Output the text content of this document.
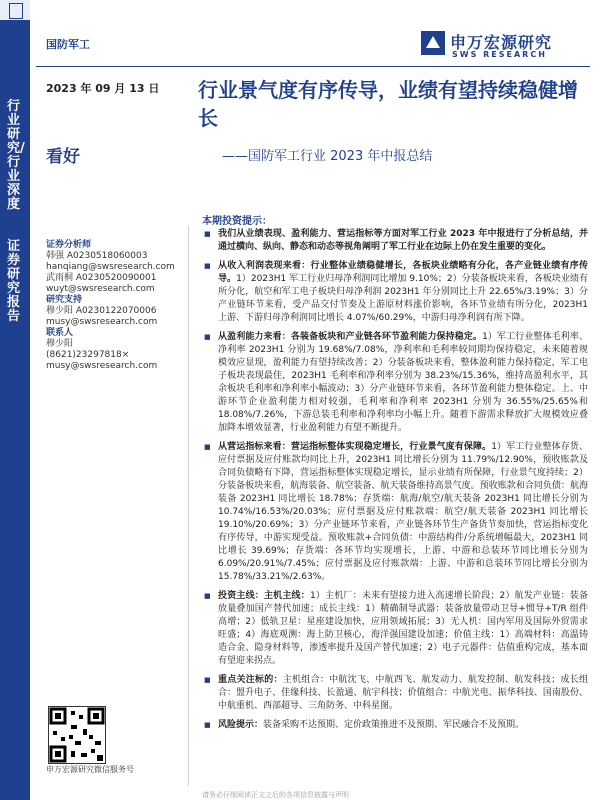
行业研究/行业深度
证券研究报告
国防军工	申万宏源研究
SWS RESEARCH
2023 年 09 月 13 日
看好
行业景气度有序传导，业绩有望持续稳健增长
——国防军工行业 2023 年中报总结
证券分析师
韩强 A0230518060003
hanqiang@swsresearch.com
武雨桐 A0230520090001
wuyt@swsresearch.com
研究支持
穆少阳 A0230122070006
musy@swsresearch.com
联系人
穆少阳
(8621)23297818×
musy@swsresearch.com
申万宏源研究微信服务号
本期投资提示：
■ 我们从业绩表现、盈利能力、营运指标等方面对军工行业 2023 年中报进行了分析总结，并通过横向、纵向、静态和动态等视角阐明了军工行业在边际上仍在发生重要的变化。
■ 从收入利润表现来看：行业整体业绩稳健增长，各板块业绩略有分化，各产业链业绩有序传导。1）2023H1 军工行业归母净利润同比增加 9.10%；2）分装备板块来看，各板块业绩有所分化，航空和军工电子板块归母净利润 2023H1 年分别同比上升 22.65%/3.19%；3）分产业链环节来看，受产品交付节奏及上游原材料涨价影响，各环节业绩有所分化，2023H1 上游、下游归母净利润同比增长 4.07%/60.29%，中游归母净利润有所下降。
■ 从盈利能力来看：各装备板块和产业链各环节盈利能力保持稳定。1）军工行业整体毛利率、净利率 2023H1 分别为 19.68%/7.08%，净利率和毛利率较同期均保持稳定，未来随着规模效应显现，盈利能力有望持续改善；2）分装备板块来看，整体盈利能力保持稳定，军工电子板块表现最佳，2023H1 毛利率和净利率分别为 38.23%/15.36%，维持高盈利水平，其余板块毛利率和净利率小幅波动；3）分产业链环节来看，各环节盈利能力整体稳定。上、中游环节企业盈利能力相对较强，毛利率和净利率 2023H1 分别为 36.55%/25.65%和 18.08%/7.26%，下游总装毛利率和净利率均小幅上升。随着下游需求释放扩大规模效应叠加降本增效显著，行业盈利能力有望不断提升。
■ 从营运指标来看：营运指标整体实现稳定增长，行业景气度有保障。1）军工行业整体存货、应付票据及应付账款均同比上升，2023H1 同比增长分别为 11.79%/12.90%，预收账款及合同负债略有下降，营运指标整体实现稳定增长，显示业绩有所保障，行业景气度持续；2）分装备板块来看，航海装备、航空装备、航天装备维持高景气度。预收账款和合同负债：航海装备 2023H1 同比增长 18.78%；存货端：航海/航空/航天装备 2023H1 同比增长分别为 10.74%/16.53%/20.03%；应付票据及应付账款端：航空/航天装备 2023H1 同比增长 19.10%/20.69%；3）分产业链环节来看，产业链各环节生产备货节奏加快，营运指标变化有序传导，中游实现受益。预收账款+合同负债：中游结构件/分系统增幅最大，2023H1 同比增长 39.69%；存货端：各环节均实现增长，上游、中游和总装环节同比增长分别为 6.09%/20.91%/7.45%；应付票据及应付账款端：上游、中游和总装环节同比增长分别为 15.78%/33.21%/2.63%。
■ 投资主线：主机主线：1）主机厂：未来有望接力进入高速增长阶段；2）航发产业链：装备放量叠加国产替代加速；成长主线：1）精确制导武器：装备放量带动卫导+惯导+T/R 组件高增；2）低轨卫星：星座建设加快，应用领域拓展；3）无人机：国内军用及国际外贸需求旺盛；4）海底观测：海上防卫核心，海洋强国建设加速；价值主线：1）高端材料：高温铸造合金、隐身材料等，渗透率提升及国产替代加速；2）电子元器件：估值重构完成，基本面有望迎来拐点。
■ 重点关注标的：主机组合：中航沈飞、中航西飞、航发动力、航发控制、航发科技；成长组合：盟升电子、佳缘科技、长盈通、航宇科技；价值组合：中航光电、振华科技、国南股份、中航重机、西部超导、三角防务、中科星图。
■ 风险提示：装备采购不达预期、定价政策推进不及预期、军民融合不及预期。
请务必仔细阅读正文之后的各项信息披露与声明
